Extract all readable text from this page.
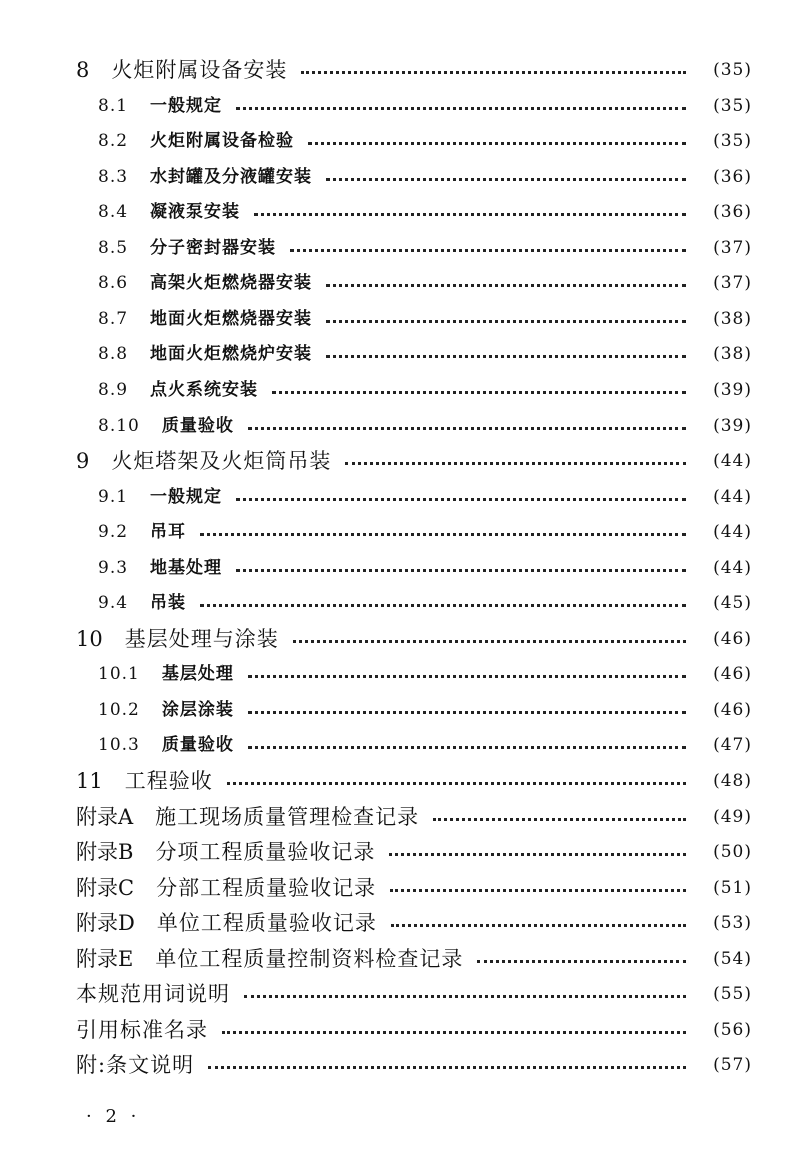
8 火炬附属设备安装	(35)
8.1 一般规定	(35)
8.2 火炬附属设备检验	(35)
8.3 水封罐及分液罐安装	(36)
8.4 凝液泵安装	(36)
8.5 分子密封器安装	(37)
8.6 高架火炬燃烧器安装	(37)
8.7 地面火炬燃烧器安装	(38)
8.8 地面火炬燃烧炉安装	(38)
8.9 点火系统安装	(39)
8.10 质量验收	(39)
9 火炬塔架及火炬筒吊装	(44)
9.1 一般规定	(44)
9.2 吊耳	(44)
9.3 地基处理	(44)
9.4 吊装	(45)
10 基层处理与涂装	(46)
10.1 基层处理	(46)
10.2 涂层涂装	(46)
10.3 质量验收	(47)
11 工程验收	(48)
附录A 施工现场质量管理检查记录	(49)
附录B 分项工程质量验收记录	(50)
附录C 分部工程质量验收记录	(51)
附录D 单位工程质量验收记录	(53)
附录E 单位工程质量控制资料检查记录	(54)
本规范用词说明	(55)
引用标准名录	(56)
附:条文说明	(57)
· 2 ·
